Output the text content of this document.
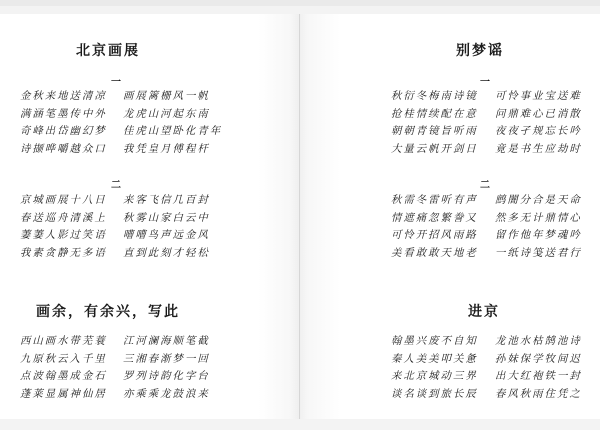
北京画展
一
金秋来地送清凉
满涵笔墨传中外
奇峰出岱幽幻梦
诗撷哗嚼越众口
画展篱栅风一帆
龙虎山河起东南
佳虎山望卧化青年
我凭皇月傅程杆
二
京城画展十八日
春送巡舟清溪上
萋萋人影过笑语
我素贪静无多语
来客飞信几百封
秋雾山家白云中
嘈嘈鸟声远金风
直到此刻才轻松
画余，有余兴，写此
西山画水带芜蓑
九原秋云入千里
点波翰墨成金石
蓬莱显属神仙居
江河澜海顺笔截
三湘春渐梦一回
罗列诗韵化字台
亦乘乘龙鼓浪来
别梦谣
一
秋衍冬梅南诗镜
抢桂情续配在意
朝朝青镜旨听雨
大量云帆开剑日
可怜事业宝送难
问鼎难心已消散
夜夜孑规忘长吟
竟是书生应劫时
二
秋需冬雷听有声
情遮痛忽繁誊又
可怜开招风雨路
美看敢敢天地老
鹧闇分合是天命
然多无计鼎情心
留作他年梦魂吟
一纸诗笺送君行
进京
翰墨兴废不自知
秦人美美叩关惫
来北京城动三界
谈名谈到旅长辰
龙池水枯鹄池诗
孙妹保学牧间迟
出大红袍铁一封
春风秋雨住凭之
